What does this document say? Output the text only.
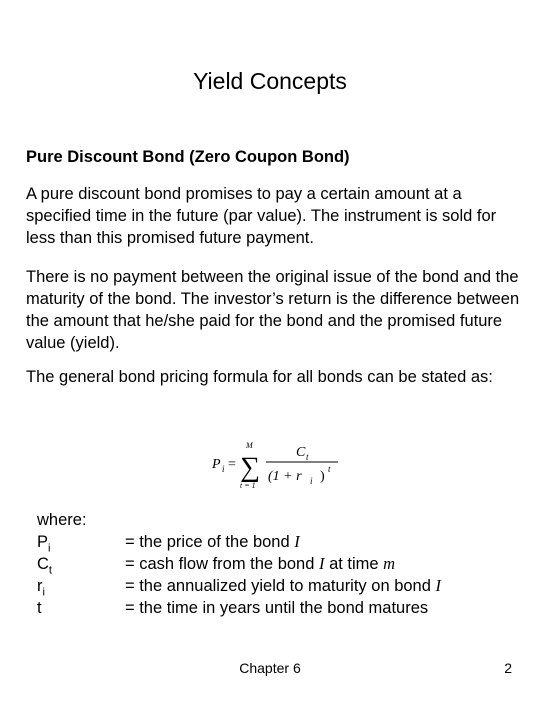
Yield Concepts
Pure Discount Bond (Zero Coupon Bond)
A pure discount bond promises to pay a certain amount at a specified time in the future (par value). The instrument is sold for less than this promised future payment.
There is no payment between the original issue of the bond and the maturity of the bond. The investor’s return is the difference between the amount that he/she paid for the bond and the promised future value (yield).
The general bond pricing formula for all bonds can be stated as:
P i = ∑
M
t = 1
C t
(1 + r i ) t
where:
$P_i$	= the price of the bond I
$C_t$	= cash flow from the bond I at time m
$r_i$	= the annualized yield to maturity on bond I
t	= the time in years until the bond matures
Chapter 6	2
